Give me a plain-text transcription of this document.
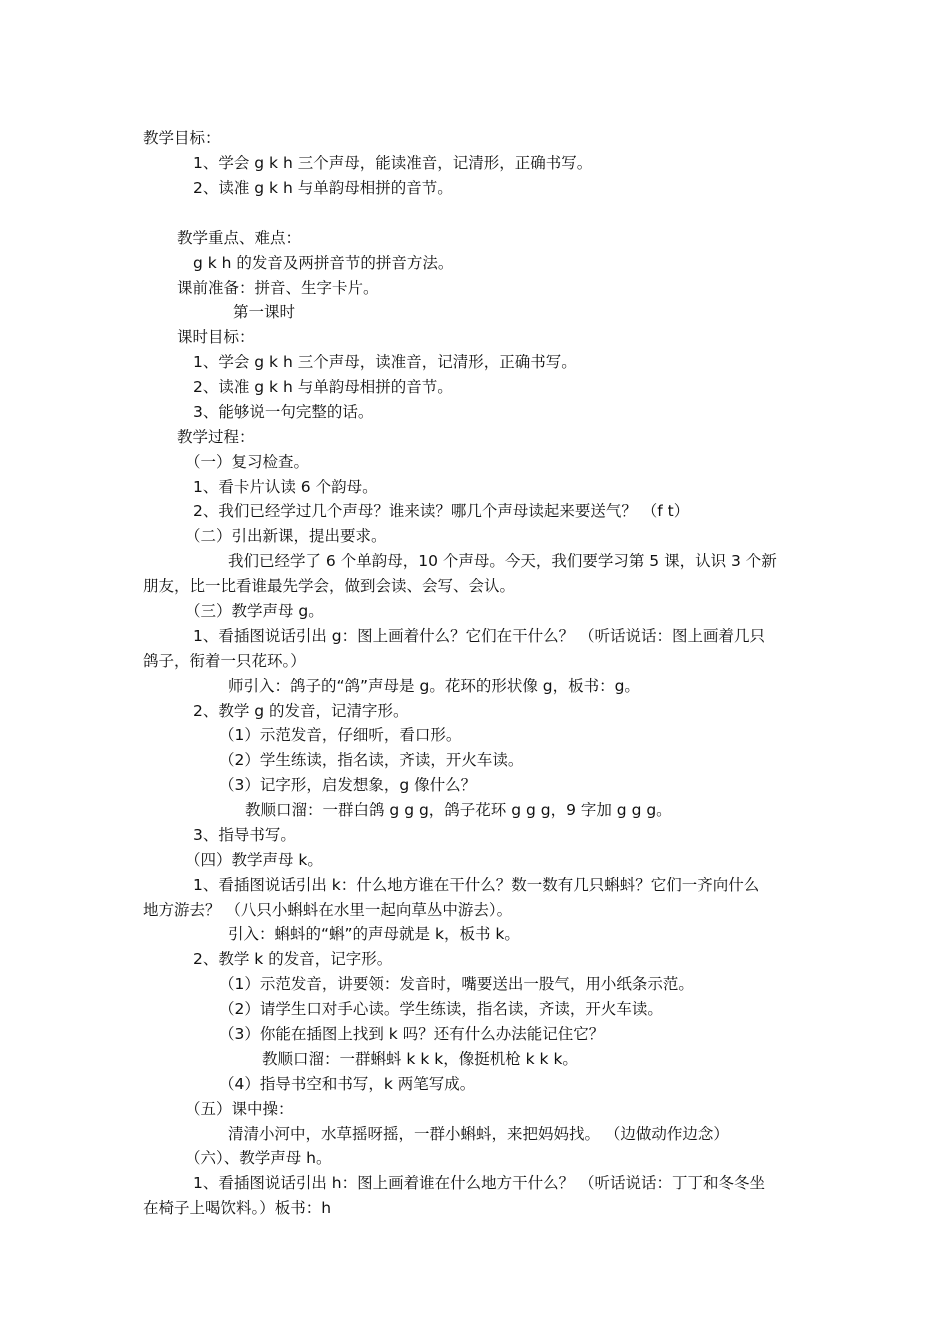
教学目标：
1、学会 g k h 三个声母，能读准音，记清形，正确书写。
2、读准 g k h 与单韵母相拼的音节。
教学重点、难点：
g k h 的发音及两拼音节的拼音方法。
课前准备：拼音、生字卡片。
第一课时
课时目标：
1、学会 g k h 三个声母，读准音，记清形，正确书写。
2、读准 g k h 与单韵母相拼的音节。
3、能够说一句完整的话。
教学过程：
（一）复习检查。
1、看卡片认读 6 个韵母。
2、我们已经学过几个声母？谁来读？哪几个声母读起来要送气？ （f t）
（二）引出新课，提出要求。
我们已经学了 6 个单韵母，10 个声母。今天，我们要学习第 5 课，认识 3 个新
朋友，比一比看谁最先学会，做到会读、会写、会认。
（三）教学声母 g。
1、看插图说话引出 g：图上画着什么？它们在干什么？ （听话说话：图上画着几只
鸽子，衔着一只花环。）
师引入：鸽子的“鸽”声母是 g。花环的形状像 g，板书：g。
2、教学 g 的发音，记清字形。
（1）示范发音，仔细听，看口形。
（2）学生练读，指名读，齐读，开火车读。
（3）记字形，启发想象，g 像什么？
教顺口溜：一群白鸽 g g g，鸽子花环 g g g，9 字加 g g g。
3、指导书写。
（四）教学声母 k。
1、看插图说话引出 k：什么地方谁在干什么？数一数有几只蝌蚪？它们一齐向什么
地方游去？ （八只小蝌蚪在水里一起向草丛中游去）。
引入：蝌蚪的“蝌”的声母就是 k，板书 k。
2、教学 k 的发音，记字形。
（1）示范发音，讲要领：发音时，嘴要送出一股气，用小纸条示范。
（2）请学生口对手心读。学生练读，指名读，齐读，开火车读。
（3）你能在插图上找到 k 吗？还有什么办法能记住它？
教顺口溜：一群蝌蚪 k k k，像挺机枪 k k k。
（4）指导书空和书写，k 两笔写成。
（五）课中操：
清清小河中，水草摇呀摇，一群小蝌蚪，来把妈妈找。 （边做动作边念）
（六）、教学声母 h。
1、看插图说话引出 h：图上画着谁在什么地方干什么？ （听话说话：丁丁和冬冬坐
在椅子上喝饮料。）板书：h
